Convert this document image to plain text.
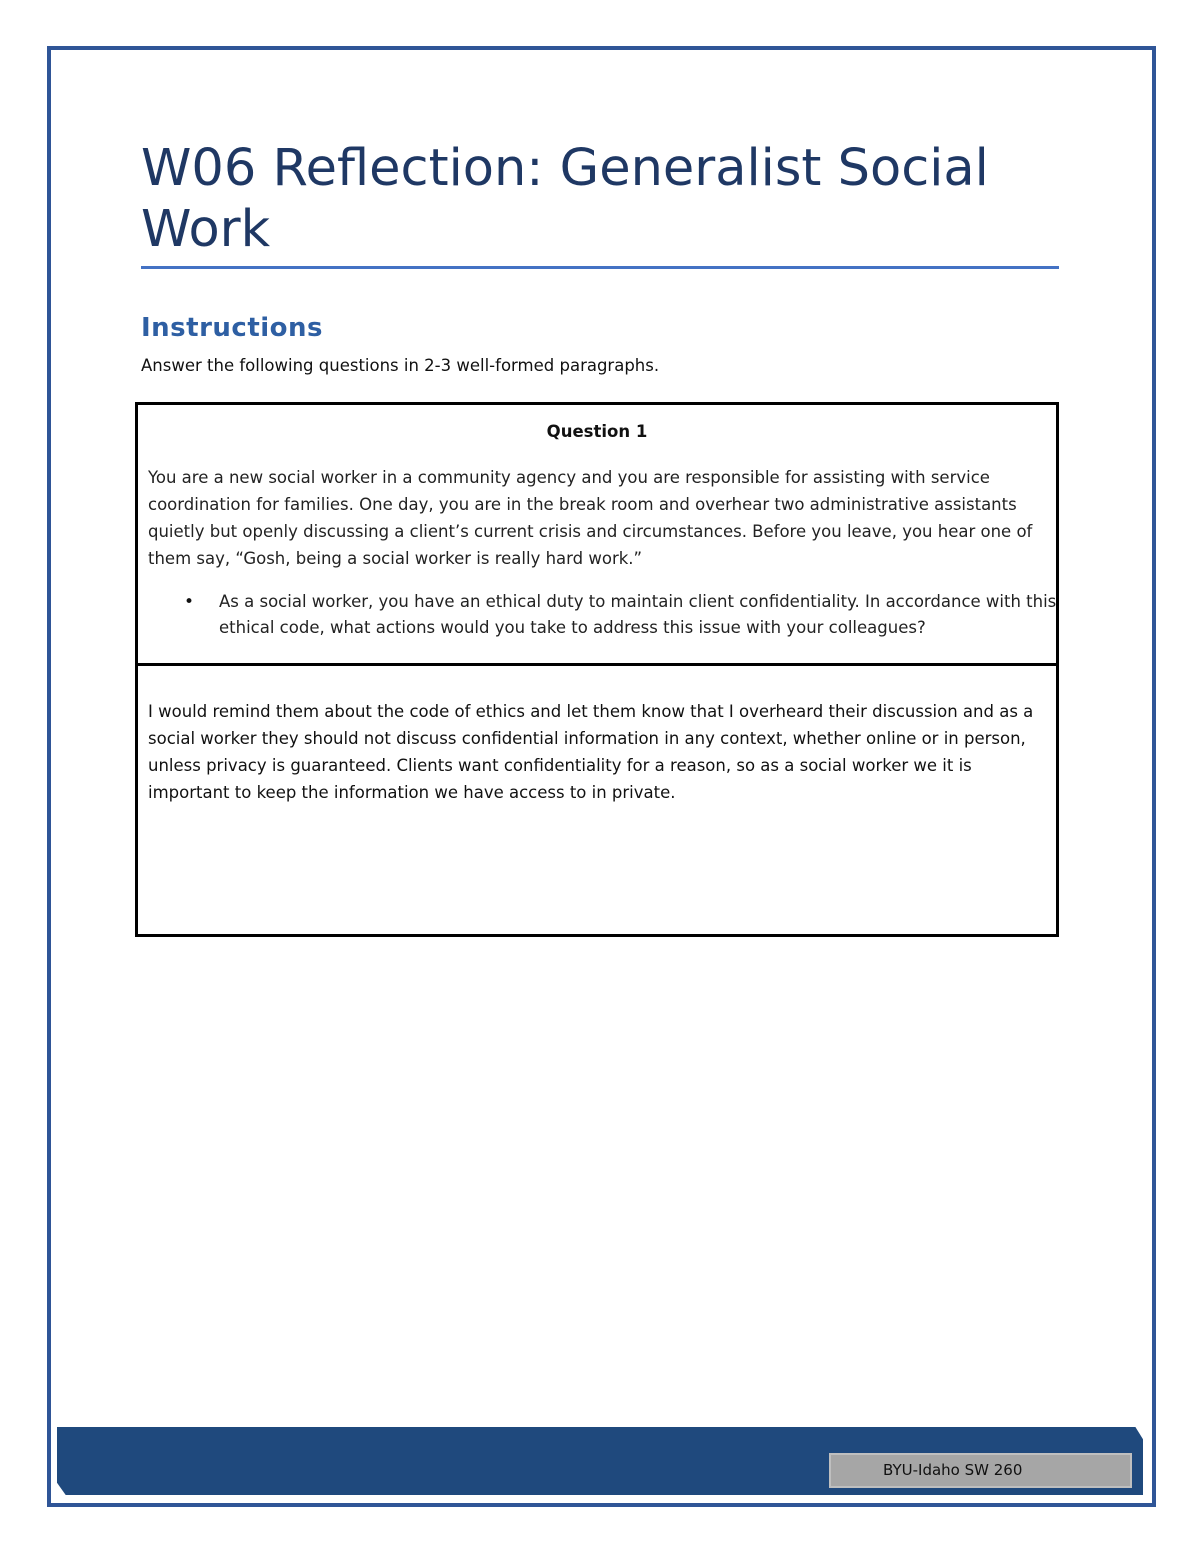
W06 Reflection: Generalist Social Work
Instructions

Answer the following questions in 2-3 well-formed paragraphs.

Question 1

You are a new social worker in a community agency and you are responsible for assisting with service coordination for families. One day, you are in the break room and overhear two administrative assistants quietly but openly discussing a client’s current crisis and circumstances. Before you leave, you hear one of them say, “Gosh, being a social worker is really hard work.”

• As a social worker, you have an ethical duty to maintain client confidentiality. In accordance with this ethical code, what actions would you take to address this issue with your colleagues?

I would remind them about the code of ethics and let them know that I overheard their discussion and as a social worker they should not discuss confidential information in any context, whether online or in person, unless privacy is guaranteed. Clients want confidentiality for a reason, so as a social worker we it is important to keep the information we have access to in private.

BYU-Idaho SW 260
